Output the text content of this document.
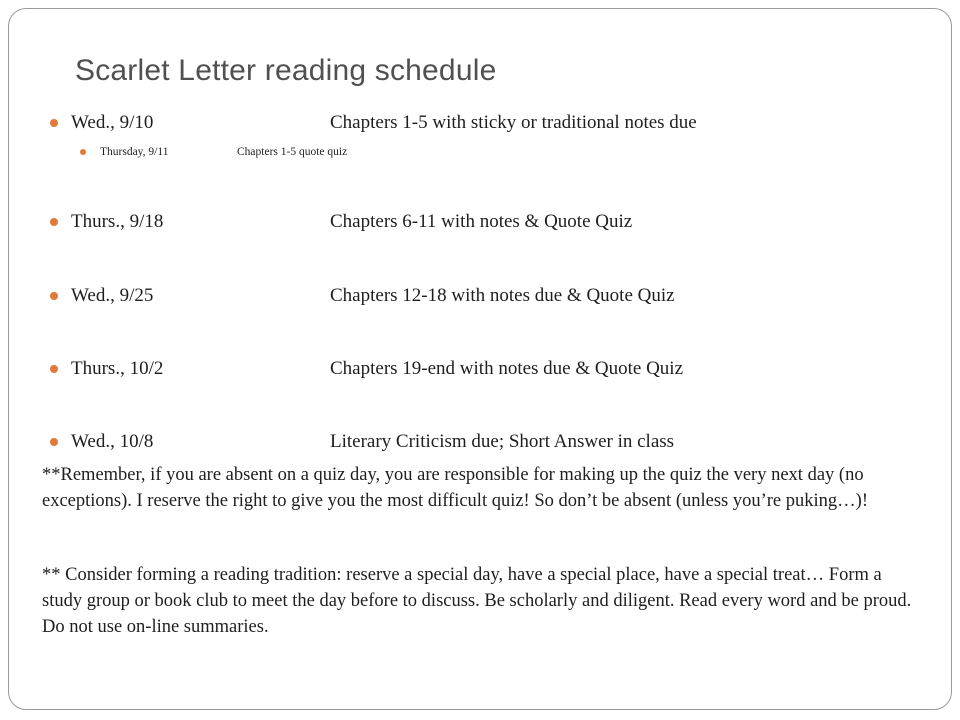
Scarlet Letter reading schedule
Wed., 9/10	Chapters 1-5 with sticky or traditional notes due
Thursday, 9/11	Chapters 1-5 quote quiz
Thurs., 9/18	Chapters 6-11 with notes & Quote Quiz
Wed., 9/25	Chapters 12-18 with notes due & Quote Quiz
Thurs., 10/2	Chapters 19-end with notes due & Quote Quiz
Wed., 10/8	Literary Criticism due; Short Answer in class

**Remember, if you are absent on a quiz day, you are responsible for making up the quiz the very next day (no exceptions). I reserve the right to give you the most difficult quiz! So don’t be absent (unless you’re puking…)!

** Consider forming a reading tradition: reserve a special day, have a special place, have a special treat… Form a study group or book club to meet the day before to discuss. Be scholarly and diligent. Read every word and be proud. Do not use on-line summaries.
